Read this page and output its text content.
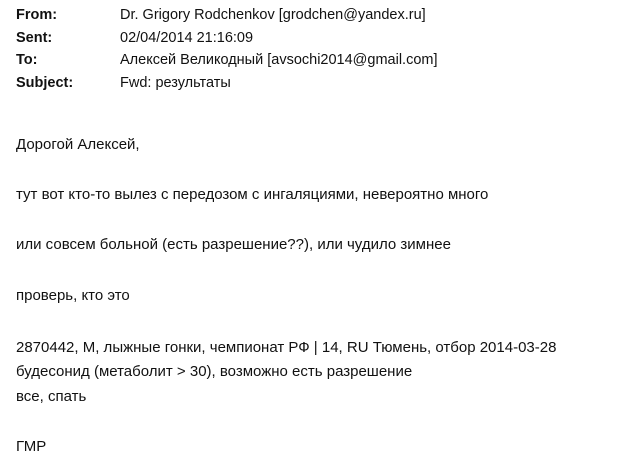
From:	Dr. Grigory Rodchenkov [grodchen@yandex.ru]
Sent:	02/04/2014 21:16:09
To:	Алексей Великодный [avsochi2014@gmail.com]
Subject:	Fwd: результаты
Дорогой Алексей,
тут вот кто-то вылез с передозом с ингаляциями, невероятно много
или совсем больной (есть разрешение??), или чудило зимнее
проверь, кто это
2870442, М, лыжные гонки, чемпионат РФ | 14, RU Тюмень, отбор 2014-03-28
будесонид (метаболит > 30), возможно есть разрешение
все, спать
ГМР
